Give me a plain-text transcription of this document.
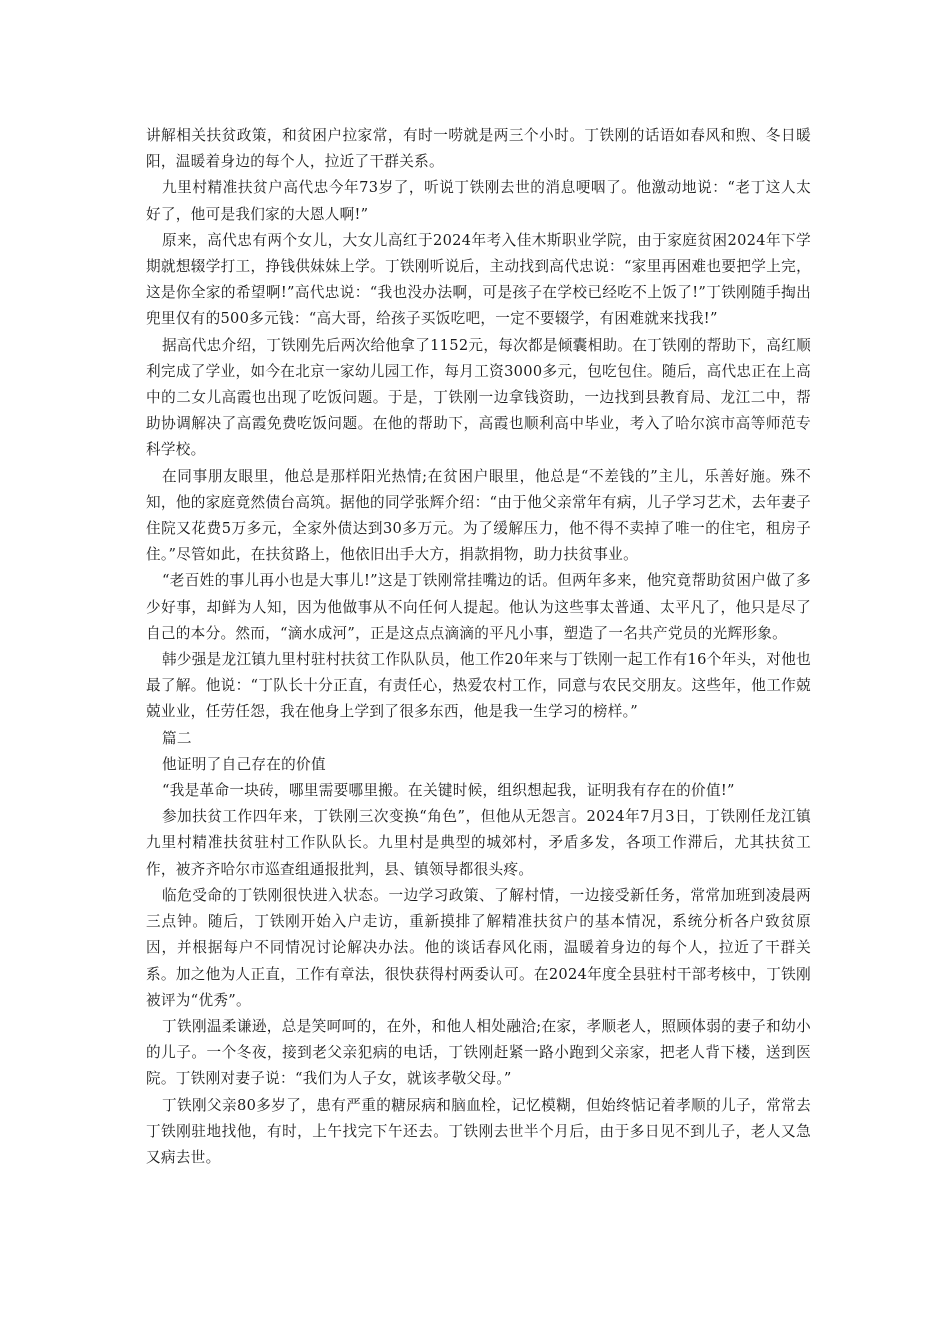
讲解相关扶贫政策，和贫困户拉家常，有时一唠就是两三个小时。丁铁刚的话语如春风和煦、冬日暖阳，温暖着身边的每个人，拉近了干群关系。

九里村精准扶贫户高代忠今年73岁了，听说丁铁刚去世的消息哽咽了。他激动地说：“老丁这人太好了，他可是我们家的大恩人啊!”

原来，高代忠有两个女儿，大女儿高红于2024年考入佳木斯职业学院，由于家庭贫困2024年下学期就想辍学打工，挣钱供妹妹上学。丁铁刚听说后，主动找到高代忠说：“家里再困难也要把学上完，这是你全家的希望啊!”高代忠说：“我也没办法啊，可是孩子在学校已经吃不上饭了!”丁铁刚随手掏出兜里仅有的500多元钱：“高大哥，给孩子买饭吃吧，一定不要辍学，有困难就来找我!”

据高代忠介绍，丁铁刚先后两次给他拿了1152元，每次都是倾囊相助。在丁铁刚的帮助下，高红顺利完成了学业，如今在北京一家幼儿园工作，每月工资3000多元，包吃包住。随后，高代忠正在上高中的二女儿高霞也出现了吃饭问题。于是，丁铁刚一边拿钱资助，一边找到县教育局、龙江二中，帮助协调解决了高霞免费吃饭问题。在他的帮助下，高霞也顺利高中毕业，考入了哈尔滨市高等师范专科学校。

在同事朋友眼里，他总是那样阳光热情;在贫困户眼里，他总是“不差钱的”主儿，乐善好施。殊不知，他的家庭竟然债台高筑。据他的同学张辉介绍：“由于他父亲常年有病，儿子学习艺术，去年妻子住院又花费5万多元，全家外债达到30多万元。为了缓解压力，他不得不卖掉了唯一的住宅，租房子住。”尽管如此，在扶贫路上，他依旧出手大方，捐款捐物，助力扶贫事业。

“老百姓的事儿再小也是大事儿!”这是丁铁刚常挂嘴边的话。但两年多来，他究竟帮助贫困户做了多少好事，却鲜为人知，因为他做事从不向任何人提起。他认为这些事太普通、太平凡了，他只是尽了自己的本分。然而，“滴水成河”，正是这点点滴滴的平凡小事，塑造了一名共产党员的光辉形象。

韩少强是龙江镇九里村驻村扶贫工作队队员，他工作20年来与丁铁刚一起工作有16个年头，对他也最了解。他说：“丁队长十分正直，有责任心，热爱农村工作，同意与农民交朋友。这些年，他工作兢兢业业，任劳任怨，我在他身上学到了很多东西，他是我一生学习的榜样。”

篇二

他证明了自己存在的价值

“我是革命一块砖，哪里需要哪里搬。在关键时候，组织想起我，证明我有存在的价值!”

参加扶贫工作四年来，丁铁刚三次变换“角色”，但他从无怨言。2024年7月3日，丁铁刚任龙江镇九里村精准扶贫驻村工作队队长。九里村是典型的城郊村，矛盾多发，各项工作滞后，尤其扶贫工作，被齐齐哈尔市巡查组通报批判，县、镇领导都很头疼。

临危受命的丁铁刚很快进入状态。一边学习政策、了解村情，一边接受新任务，常常加班到凌晨两三点钟。随后，丁铁刚开始入户走访，重新摸排了解精准扶贫户的基本情况，系统分析各户致贫原因，并根据每户不同情况讨论解决办法。他的谈话春风化雨，温暖着身边的每个人，拉近了干群关系。加之他为人正直，工作有章法，很快获得村两委认可。在2024年度全县驻村干部考核中，丁铁刚被评为“优秀”。

丁铁刚温柔谦逊，总是笑呵呵的，在外，和他人相处融洽;在家，孝顺老人，照顾体弱的妻子和幼小的儿子。一个冬夜，接到老父亲犯病的电话，丁铁刚赶紧一路小跑到父亲家，把老人背下楼，送到医院。丁铁刚对妻子说：“我们为人子女，就该孝敬父母。”

丁铁刚父亲80多岁了，患有严重的糖尿病和脑血栓，记忆模糊，但始终惦记着孝顺的儿子，常常去丁铁刚驻地找他，有时，上午找完下午还去。丁铁刚去世半个月后，由于多日见不到儿子，老人又急又病去世。
